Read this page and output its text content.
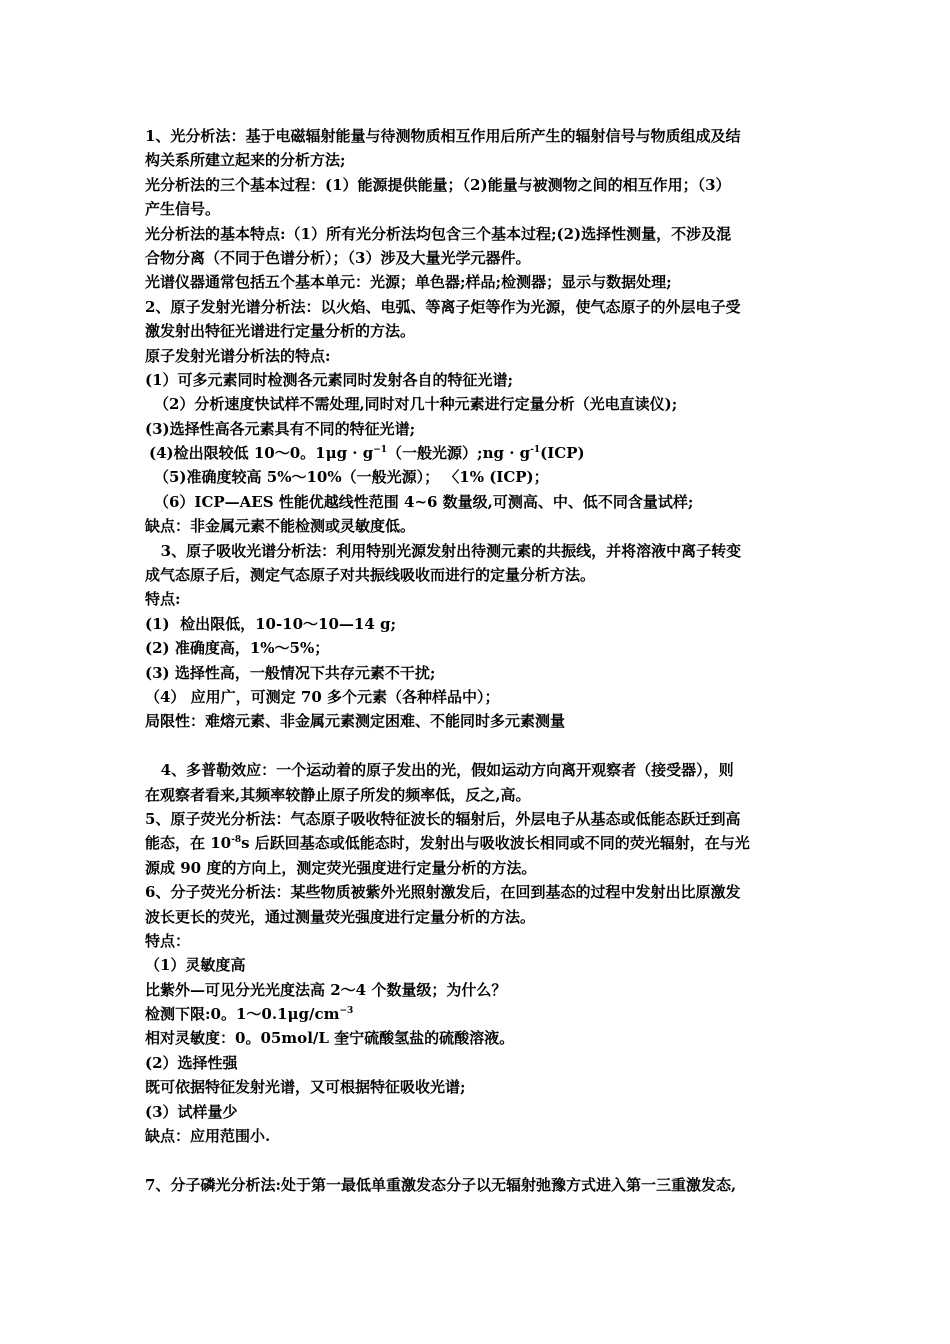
1、光分析法：基于电磁辐射能量与待测物质相互作用后所产生的辐射信号与物质组成及结
构关系所建立起来的分析方法;
光分析法的三个基本过程：(1）能源提供能量；（2)能量与被测物之间的相互作用；（3）
产生信号。
光分析法的基本特点:（1）所有光分析法均包含三个基本过程;(2)选择性测量，不涉及混
合物分离（不同于色谱分析）；（3）涉及大量光学元器件。
光谱仪器通常包括五个基本单元：光源；单色器;样品;检测器；显示与数据处理;
2、原子发射光谱分析法：以火焰、电弧、等离子炬等作为光源，使气态原子的外层电子受
激发射出特征光谱进行定量分析的方法。
原子发射光谱分析法的特点:
(1）可多元素同时检测各元素同时发射各自的特征光谱;
（2）分析速度快试样不需处理,同时对几十种元素进行定量分析（光电直读仪);
(3)选择性高各元素具有不同的特征光谱;
(4)检出限较低 10～0。$1\mu g \cdot g^{-1}$（一般光源）;ng · $g^{-1}(ICP)$
（5)准确度较高 5%～10%（一般光源）； 〈1% (ICP)；
（6）ICP—AES 性能优越线性范围 4~6 数量级,可测高、中、低不同含量试样;
缺点：非金属元素不能检测或灵敏度低。
3、原子吸收光谱分析法：利用特别光源发射出待测元素的共振线，并将溶液中离子转变
成气态原子后，测定气态原子对共振线吸收而进行的定量分析方法。
特点:
(1)  检出限低，10-10～10—14 g;
(2) 准确度高，1%～5%；
(3) 选择性高，一般情况下共存元素不干扰;
（4） 应用广，可测定 70 多个元素（各种样品中）；
局限性：难熔元素、非金属元素测定困难、不能同时多元素测量
4、多普勒效应：一个运动着的原子发出的光，假如运动方向离开观察者（接受器），则
在观察者看来,其频率较静止原子所发的频率低，反之,高。
5、原子荧光分析法：气态原子吸收特征波长的辐射后，外层电子从基态或低能态跃迁到高
能态，在 $10^{-8}s$ 后跃回基态或低能态时，发射出与吸收波长相同或不同的荧光辐射，在与光
源成 90 度的方向上，测定荧光强度进行定量分析的方法。
6、分子荧光分析法：某些物质被紫外光照射激发后，在回到基态的过程中发射出比原激发
波长更长的荧光，通过测量荧光强度进行定量分析的方法。
特点：
（1）灵敏度高
比紫外—可见分光光度法高 2～4 个数量级；为什么？
检测下限:0。$1\sim 0.1\mu g/cm^{-3}$
相对灵敏度：0。05mol/L 奎宁硫酸氢盐的硫酸溶液。
(2）选择性强
既可依据特征发射光谱，又可根据特征吸收光谱;
(3）试样量少
缺点：应用范围小.
7、分子磷光分析法:处于第一最低单重激发态分子以无辐射弛豫方式进入第一三重激发态,
